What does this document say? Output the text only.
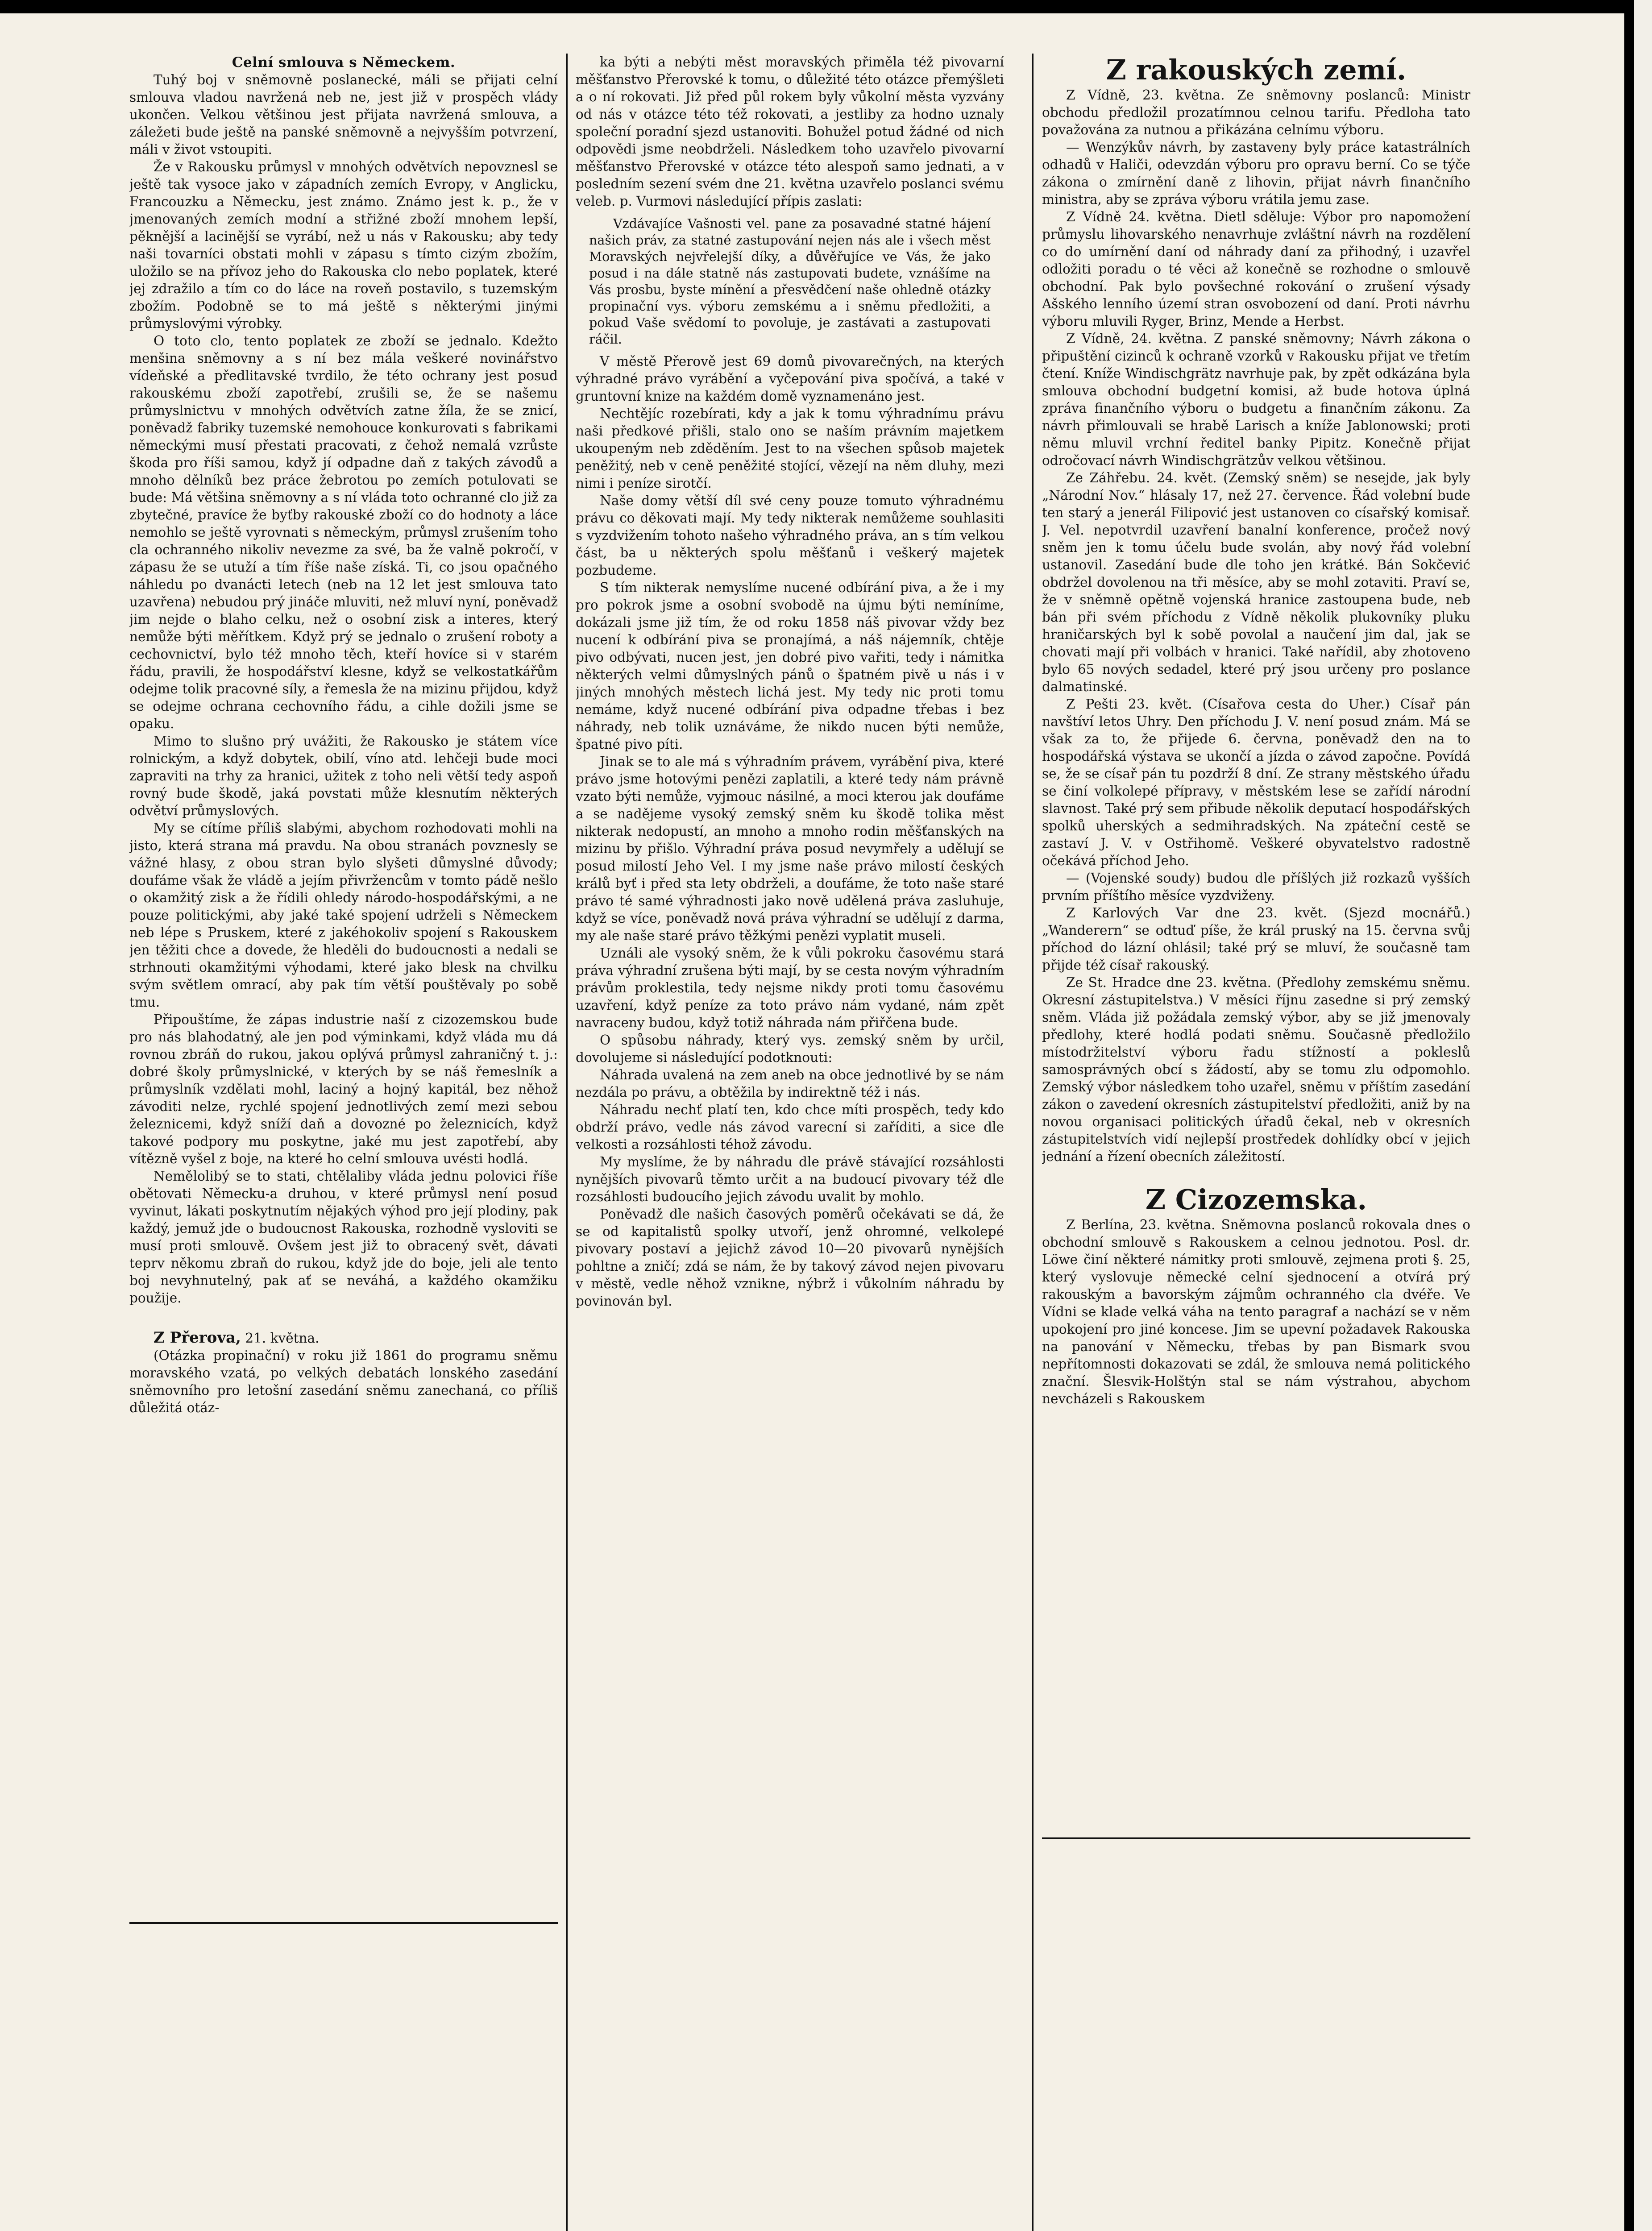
Celní smlouva s Německem.

Tuhý boj v sněmovně poslanecké, máli se přijati celní smlouva vladou navržená neb ne, jest již v prospěch vlády ukončen. Velkou většinou jest přijata navržená smlouva, a záležeti bude ještě na panské sněmovně a nejvyšším potvrzení, máli v život vstoupiti.

Že v Rakousku průmysl v mnohých odvětvích nepovznesl se ještě tak vysoce jako v západních zemích Evropy, v Anglicku, Francouzku a Německu, jest známo. Známo jest k. p., že v jmenovaných zemích modní a střižné zboží mnohem lepší, pěknější a lacinější se vyrábí, než u nás v Rakousku; aby tedy naši tovarníci obstati mohli v zápasu s tímto cizým zbožím, uložilo se na přívoz jeho do Rakouska clo nebo poplatek, které jej zdražilo a tím co do láce na roveň postavilo, s tuzemským zbožím. Podobně se to má ještě s některými jinými průmyslovými výrobky.

O toto clo, tento poplatek ze zboží se jednalo. Kdežto menšina sněmovny a s ní bez mála veškeré novinářstvo vídeňské a předlitavské tvrdilo, že této ochrany jest posud rakouskému zboží zapotřebí, zrušili se, že se našemu průmyslnictvu v mnohých odvětvích zatne žíla, že se znicí, poněvadž fabriky tuzemské nemohouce konkurovati s fabrikami německými musí přestati pracovati, z čehož nemalá vzrůste škoda pro říši samou, když jí odpadne daň z takých závodů a mnoho dělníků bez práce žebrotou po zemích potulovati se bude: Má většina sněmovny a s ní vláda toto ochranné clo již za zbytečné, pravíce že byťby rakouské zboží co do hodnoty a láce nemohlo se ještě vyrovnati s německým, průmysl zrušením toho cla ochranného nikoliv nevezme za své, ba že valně pokročí, v zápasu že se utuží a tím říše naše získá. Ti, co jsou opačného náhledu po dvanácti letech (neb na 12 let jest smlouva tato uzavřena) nebudou prý jináče mluviti, než mluví nyní, poněvadž jim nejde o blaho celku, než o osobní zisk a interes, který nemůže býti měřítkem. Když prý se jednalo o zrušení roboty a cechovnictví, bylo též mnoho těch, kteří hovíce si v starém řádu, pravili, že hospodářství klesne, když se velkostatkářům odejme tolik pracovné síly, a řemesla že na mizinu přijdou, když se odejme ochrana cechovního řádu, a cihle dožili jsme se opaku.

Mimo to slušno prý uvážiti, že Rakousko je státem více rolnickým, a když dobytek, obilí, víno atd. lehčeji bude moci zapraviti na trhy za hranici, užitek z toho neli větší tedy aspoň rovný bude škodě, jaká povstati může klesnutím některých odvětví průmyslových.

My se cítíme příliš slabými, abychom rozhodovati mohli na jisto, která strana má pravdu. Na obou stranách povznesly se vážné hlasy, z obou stran bylo slyšeti důmyslné důvody; doufáme však že vládě a jejím přivržencům v tomto pádě nešlo o okamžitý zisk a že řídili ohledy národo-hospodářskými, a ne pouze politickými, aby jaké také spojení udrželi s Německem neb lépe s Pruskem, které z jakéhokoliv spojení s Rakouskem jen těžiti chce a dovede, že hleděli do budoucnosti a nedali se strhnouti okamžitými výhodami, které jako blesk na chvilku svým světlem omrací, aby pak tím větší pouštěvaly po sobě tmu.

Připouštíme, že zápas industrie naší z cizozemskou bude pro nás blahodatný, ale jen pod výminkami, když vláda mu dá rovnou zbráň do rukou, jakou oplývá průmysl zahraničný t. j.: dobré školy průmyslnické, v kterých by se náš řemeslník a průmyslník vzdělati mohl, laciný a hojný kapitál, bez něhož závoditi nelze, rychlé spojení jednotlivých zemí mezi sebou železnicemi, když sníží daň a dovozné po železnicích, když takové podpory mu poskytne, jaké mu jest zapotřebí, aby vítězně vyšel z boje, na které ho celní smlouva uvésti hodlá.

Nemělolibý se to stati, chtělaliby vláda jednu polovici říše obětovati Německu-a druhou, v které průmysl není posud vyvinut, lákati poskytnutím nějakých výhod pro její plodiny, pak každý, jemuž jde o budoucnost Rakouska, rozhodně vysloviti se musí proti smlouvě. Ovšem jest již to obracený svět, dávati teprv někomu zbraň do rukou, když jde do boje, jeli ale tento boj nevyhnutelný, pak ať se neváhá, a každého okamžiku použije.

Z Přerova, 21. května.

(Otázka propinační) v roku již 1861 do programu sněmu moravského vzatá, po velkých debatách lonského zasedání sněmovního pro letošní zasedání sněmu zanechaná, co příliš důležitá otáz-

ka býti a nebýti měst moravských přiměla též pivovarní měšťanstvo Přerovské k tomu, o důležité této otázce přemýšleti a o ní rokovati. Již před půl rokem byly vůkolní města vyzvány od nás v otázce této též rokovati, a jestliby za hodno uznaly společní poradní sjezd ustanoviti. Bohužel potud žádné od nich odpovědi jsme neobdrželi. Následkem toho uzavřelo pivovarní měšťanstvo Přerovské v otázce této alespoň samo jednati, a v posledním sezení svém dne 21. května uzavřelo poslanci svému veleb. p. Vurmovi následující přípis zaslati:

Vzdávajíce Vašnosti vel. pane za posavadné statné hájení našich práv, za statné zastupování nejen nás ale i všech měst Moravských nejvřelejší díky, a důvěřujíce ve Vás, že jako posud i na dále statně nás zastupovati budete, vznášíme na Vás prosbu, byste mínění a přesvědčení naše ohledně otázky propinační vys. výboru zemskému a i sněmu předložiti, a pokud Vaše svědomí to povoluje, je zastávati a zastupovati ráčil.

V městě Přerově jest 69 domů pivovarečných, na kterých výhradné právo vyrábění a vyčepování piva spočívá, a také v gruntovní knize na každém domě vyznamenáno jest.

Nechtějíc rozebírati, kdy a jak k tomu výhradnímu právu naši předkové přišli, stalo ono se naším právním majetkem ukoupeným neb zděděním. Jest to na všechen spůsob majetek peněžitý, neb v ceně peněžité stojící, vězejí na něm dluhy, mezi nimi i peníze sirotčí.

Naše domy větší díl své ceny pouze tomuto výhradnému právu co děkovati mají. My tedy nikterak nemůžeme souhlasiti s vyzdvižením tohoto našeho výhradného práva, an s tím velkou část, ba u některých spolu měšťanů i veškerý majetek pozbudeme.

S tím nikterak nemyslíme nucené odbírání piva, a že i my pro pokrok jsme a osobní svobodě na újmu býti nemíníme, dokázali jsme již tím, že od roku 1858 náš pivovar vždy bez nucení k odbírání piva se pronajímá, a náš nájemník, chtěje pivo odbývati, nucen jest, jen dobré pivo vařiti, tedy i námitka některých velmi důmyslných pánů o špatném pivě u nás i v jiných mnohých městech lichá jest. My tedy nic proti tomu nemáme, když nucené odbírání piva odpadne třebas i bez náhrady, neb tolik uznáváme, že nikdo nucen býti nemůže, špatné pivo píti.

Jinak se to ale má s výhradním právem, vyrábění piva, které právo jsme hotovými penězi zaplatili, a které tedy nám právně vzato býti nemůže, vyjmouc násilné, a moci kterou jak doufáme a se nadějeme vysoký zemský sněm ku škodě tolika měst nikterak nedopustí, an mnoho a mnoho rodin měšťanských na mizinu by přišlo. Výhradní práva posud nevymřely a udělují se posud milostí Jeho Vel. I my jsme naše právo milostí českých králů byť i před sta lety obdrželi, a doufáme, že toto naše staré právo té samé výhradnosti jako nově udělená práva zasluhuje, když se více, poněvadž nová práva výhradní se udělují z darma, my ale naše staré právo těžkými penězi vyplatit museli.

Uználi ale vysoký sněm, že k vůli pokroku časovému stará práva výhradní zrušena býti mají, by se cesta novým výhradním právům proklestila, tedy nejsme nikdy proti tomu časovému uzavření, když peníze za toto právo nám vydané, nám zpět navraceny budou, když totiž náhrada nám přiřčena bude.

O spůsobu náhrady, který vys. zemský sněm by určil, dovolujeme si následující podotknouti:

Náhrada uvalená na zem aneb na obce jednotlivé by se nám nezdála po právu, a obtěžila by indirektně též i nás.

Náhradu nechť platí ten, kdo chce míti prospěch, tedy kdo obdrží právo, vedle nás závod varecní si zaříditi, a sice dle velkosti a rozsáhlosti téhož závodu.

My myslíme, že by náhradu dle právě stávající rozsáhlosti nynějších pivovarů těmto určit a na budoucí pivovary též dle rozsáhlosti budoucího jejich závodu uvalit by mohlo.

Poněvadž dle našich časových poměrů očekávati se dá, že se od kapitalistů spolky utvoří, jenž ohromné, velkolepé pivovary postaví a jejichž závod 10—20 pivovarů nynějších pohltne a zničí; zdá se nám, že by takový závod nejen pivovaru v městě, vedle něhož vznikne, nýbrž i vůkolním náhradu by povinován byl.

Z rakouských zemí.

Z Vídně, 23. května. Ze sněmovny poslanců: Ministr obchodu předložil prozatímnou celnou tarifu. Předloha tato považována za nutnou a přikázána celnímu výboru.

— Wenzýkův návrh, by zastaveny byly práce katastrálních odhadů v Haliči, odevzdán výboru pro opravu berní. Co se týče zákona o zmírnění daně z lihovin, přijat návrh finančního ministra, aby se zpráva výboru vrátila jemu zase.

Z Vídně 24. května. Dietl sděluje: Výbor pro napomožení průmyslu lihovarského nenavrhuje zvláštní návrh na rozdělení co do umírnění daní od náhrady daní za přihodný, i uzavřel odložiti poradu o té věci až konečně se rozhodne o smlouvě obchodní. Pak bylo povšechné rokování o zrušení výsady Ašského lenního území stran osvobození od daní. Proti návrhu výboru mluvili Ryger, Brinz, Mende a Herbst.

Z Vídně, 24. května. Z panské sněmovny; Návrh zákona o připuštění cizinců k ochraně vzorků v Rakousku přijat ve třetím čtení. Kníže Windischgrätz navrhuje pak, by zpět odkázána byla smlouva obchodní budgetní komisi, až bude hotova úplná zpráva finančního výboru o budgetu a finančním zákonu. Za návrh přimlouvali se hrabě Larisch a kníže Jablonowski; proti němu mluvil vrchní ředitel banky Pipitz. Konečně přijat odročovací návrh Windischgrätzův velkou většinou.

Ze Záhřebu. 24. květ. (Zemský sněm) se nesejde, jak byly „Národní Nov.“ hlásaly 17, než 27. července. Řád volební bude ten starý a jenerál Filipović jest ustanoven co císařský komisař. J. Vel. nepotvrdil uzavření banalní konference, pročež nový sněm jen k tomu účelu bude svolán, aby nový řád volební ustanovil. Zasedání bude dle toho jen krátké. Bán Sokčević obdržel dovolenou na tři měsíce, aby se mohl zotaviti. Praví se, že v sněmně opětně vojenská hranice zastoupena bude, neb bán při svém příchodu z Vídně několik plukovníky pluku hraničarských byl k sobě povolal a naučení jim dal, jak se chovati mají při volbách v hranici. Také nařídil, aby zhotoveno bylo 65 nových sedadel, které prý jsou určeny pro poslance dalmatinské.

Z Pešti 23. květ. (Císařova cesta do Uher.) Císař pán navštíví letos Uhry. Den příchodu J. V. není posud znám. Má se však za to, že přijede 6. června, poněvadž den na to hospodářská výstava se ukončí a jízda o závod započne. Povídá se, že se císař pán tu pozdrží 8 dní. Ze strany městského úřadu se činí volkolepé přípravy, v městském lese se zařídí národní slavnost. Také prý sem přibude několik deputací hospodářských spolků uherských a sedmihradských. Na zpáteční cestě se zastaví J. V. v Ostřihomě. Veškeré obyvatelstvo radostně očekává příchod Jeho.

— (Vojenské soudy) budou dle příšlých již rozkazů vyšších prvním příštího měsíce vyzdviženy.

Z Karlových Var dne 23. květ. (Sjezd mocnářů.) „Wanderern“ se odtuď píše, že král pruský na 15. června svůj příchod do lázní ohlásil; také prý se mluví, že současně tam přijde též císař rakouský.

Ze St. Hradce dne 23. května. (Předlohy zemskému sněmu. Okresní zástupitelstva.) V měsíci říjnu zasedne si prý zemský sněm. Vláda již požádala zemský výbor, aby se již jmenovaly předlohy, které hodlá podati sněmu. Současně předložilo místodržitelství výboru řadu stížností a pokleslů samosprávných obcí s žádostí, aby se tomu zlu odpomohlo. Zemský výbor následkem toho uzařel, sněmu v příštím zasedání zákon o zavedení okresních zástupitelství předložiti, aniž by na novou organisaci politických úřadů čekal, neb v okresních zástupitelstvích vidí nejlepší prostředek dohlídky obcí v jejich jednání a řízení obecních záležitostí.

Z Cizozemska.

Z Berlína, 23. května. Sněmovna poslanců rokovala dnes o obchodní smlouvě s Rakouskem a celnou jednotou. Posl. dr. Löwe činí některé námitky proti smlouvě, zejmena proti §. 25, který vyslovuje německé celní sjednocení a otvírá prý rakouským a bavorským zájmům ochranného cla dvéře. Ve Vídni se klade velká váha na tento paragraf a nachází se v něm upokojení pro jiné koncese. Jim se upevní požadavek Rakouska na panování v Německu, třebas by pan Bismark svou nepřítomnosti dokazovati se zdál, že smlouva nemá politického znační. Šlesvik-Holštýn stal se nám výstrahou, abychom nevcházeli s Rakouskem
